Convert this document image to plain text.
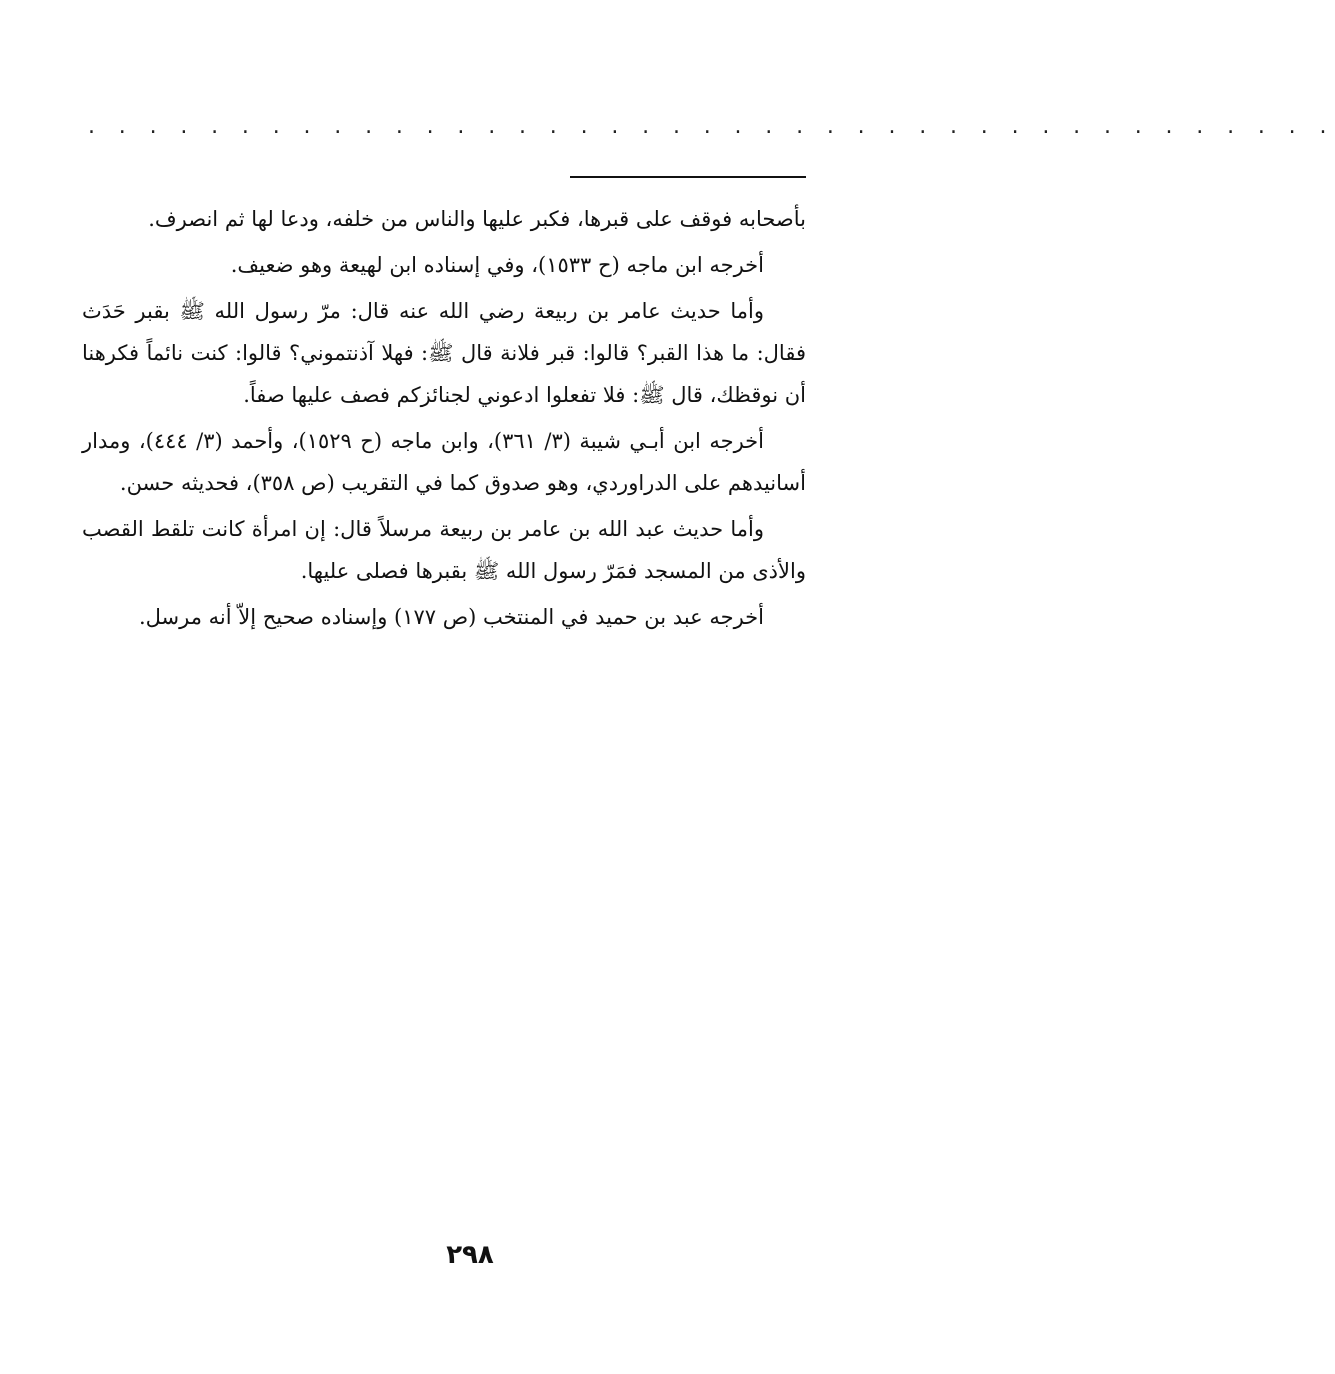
. . . . . . . . . . . . . . . . . . . . . . . . . . . . . . . . . . . . . . . . .

بأصحابه فوقف على قبرها، فكبر عليها والناس من خلفه، ودعا لها ثم انصرف.

أخرجه ابن ماجه (ح ١٥٣٣)، وفي إسناده ابن لهيعة وهو ضعيف.

وأما حديث عامر بن ربيعة رضي الله عنه قال: مرّ رسول الله ﷺ بقبر حَدَث فقال: ما هذا القبر؟ قالوا: قبر فلانة قال ﷺ: فهلا آذنتموني؟ قالوا: كنت نائماً فكرهنا أن نوقظك، قال ﷺ: فلا تفعلوا ادعوني لجنائزكم فصف عليها صفاً.

أخرجه ابن أبـي شيبة (٣/ ٣٦١)، وابن ماجه (ح ١٥٢٩)، وأحمد (٣/ ٤٤٤)، ومدار أسانيدهم على الدراوردي، وهو صدوق كما في التقريب (ص ٣٥٨)، فحديثه حسن.

وأما حديث عبد الله بن عامر بن ربيعة مرسلاً قال: إن امرأة كانت تلقط القصب والأذى من المسجد فمَرّ رسول الله ﷺ بقبرها فصلى عليها.

أخرجه عبد بن حميد في المنتخب (ص ١٧٧) وإسناده صحيح إلاّ أنه مرسل.

٢٩٨
